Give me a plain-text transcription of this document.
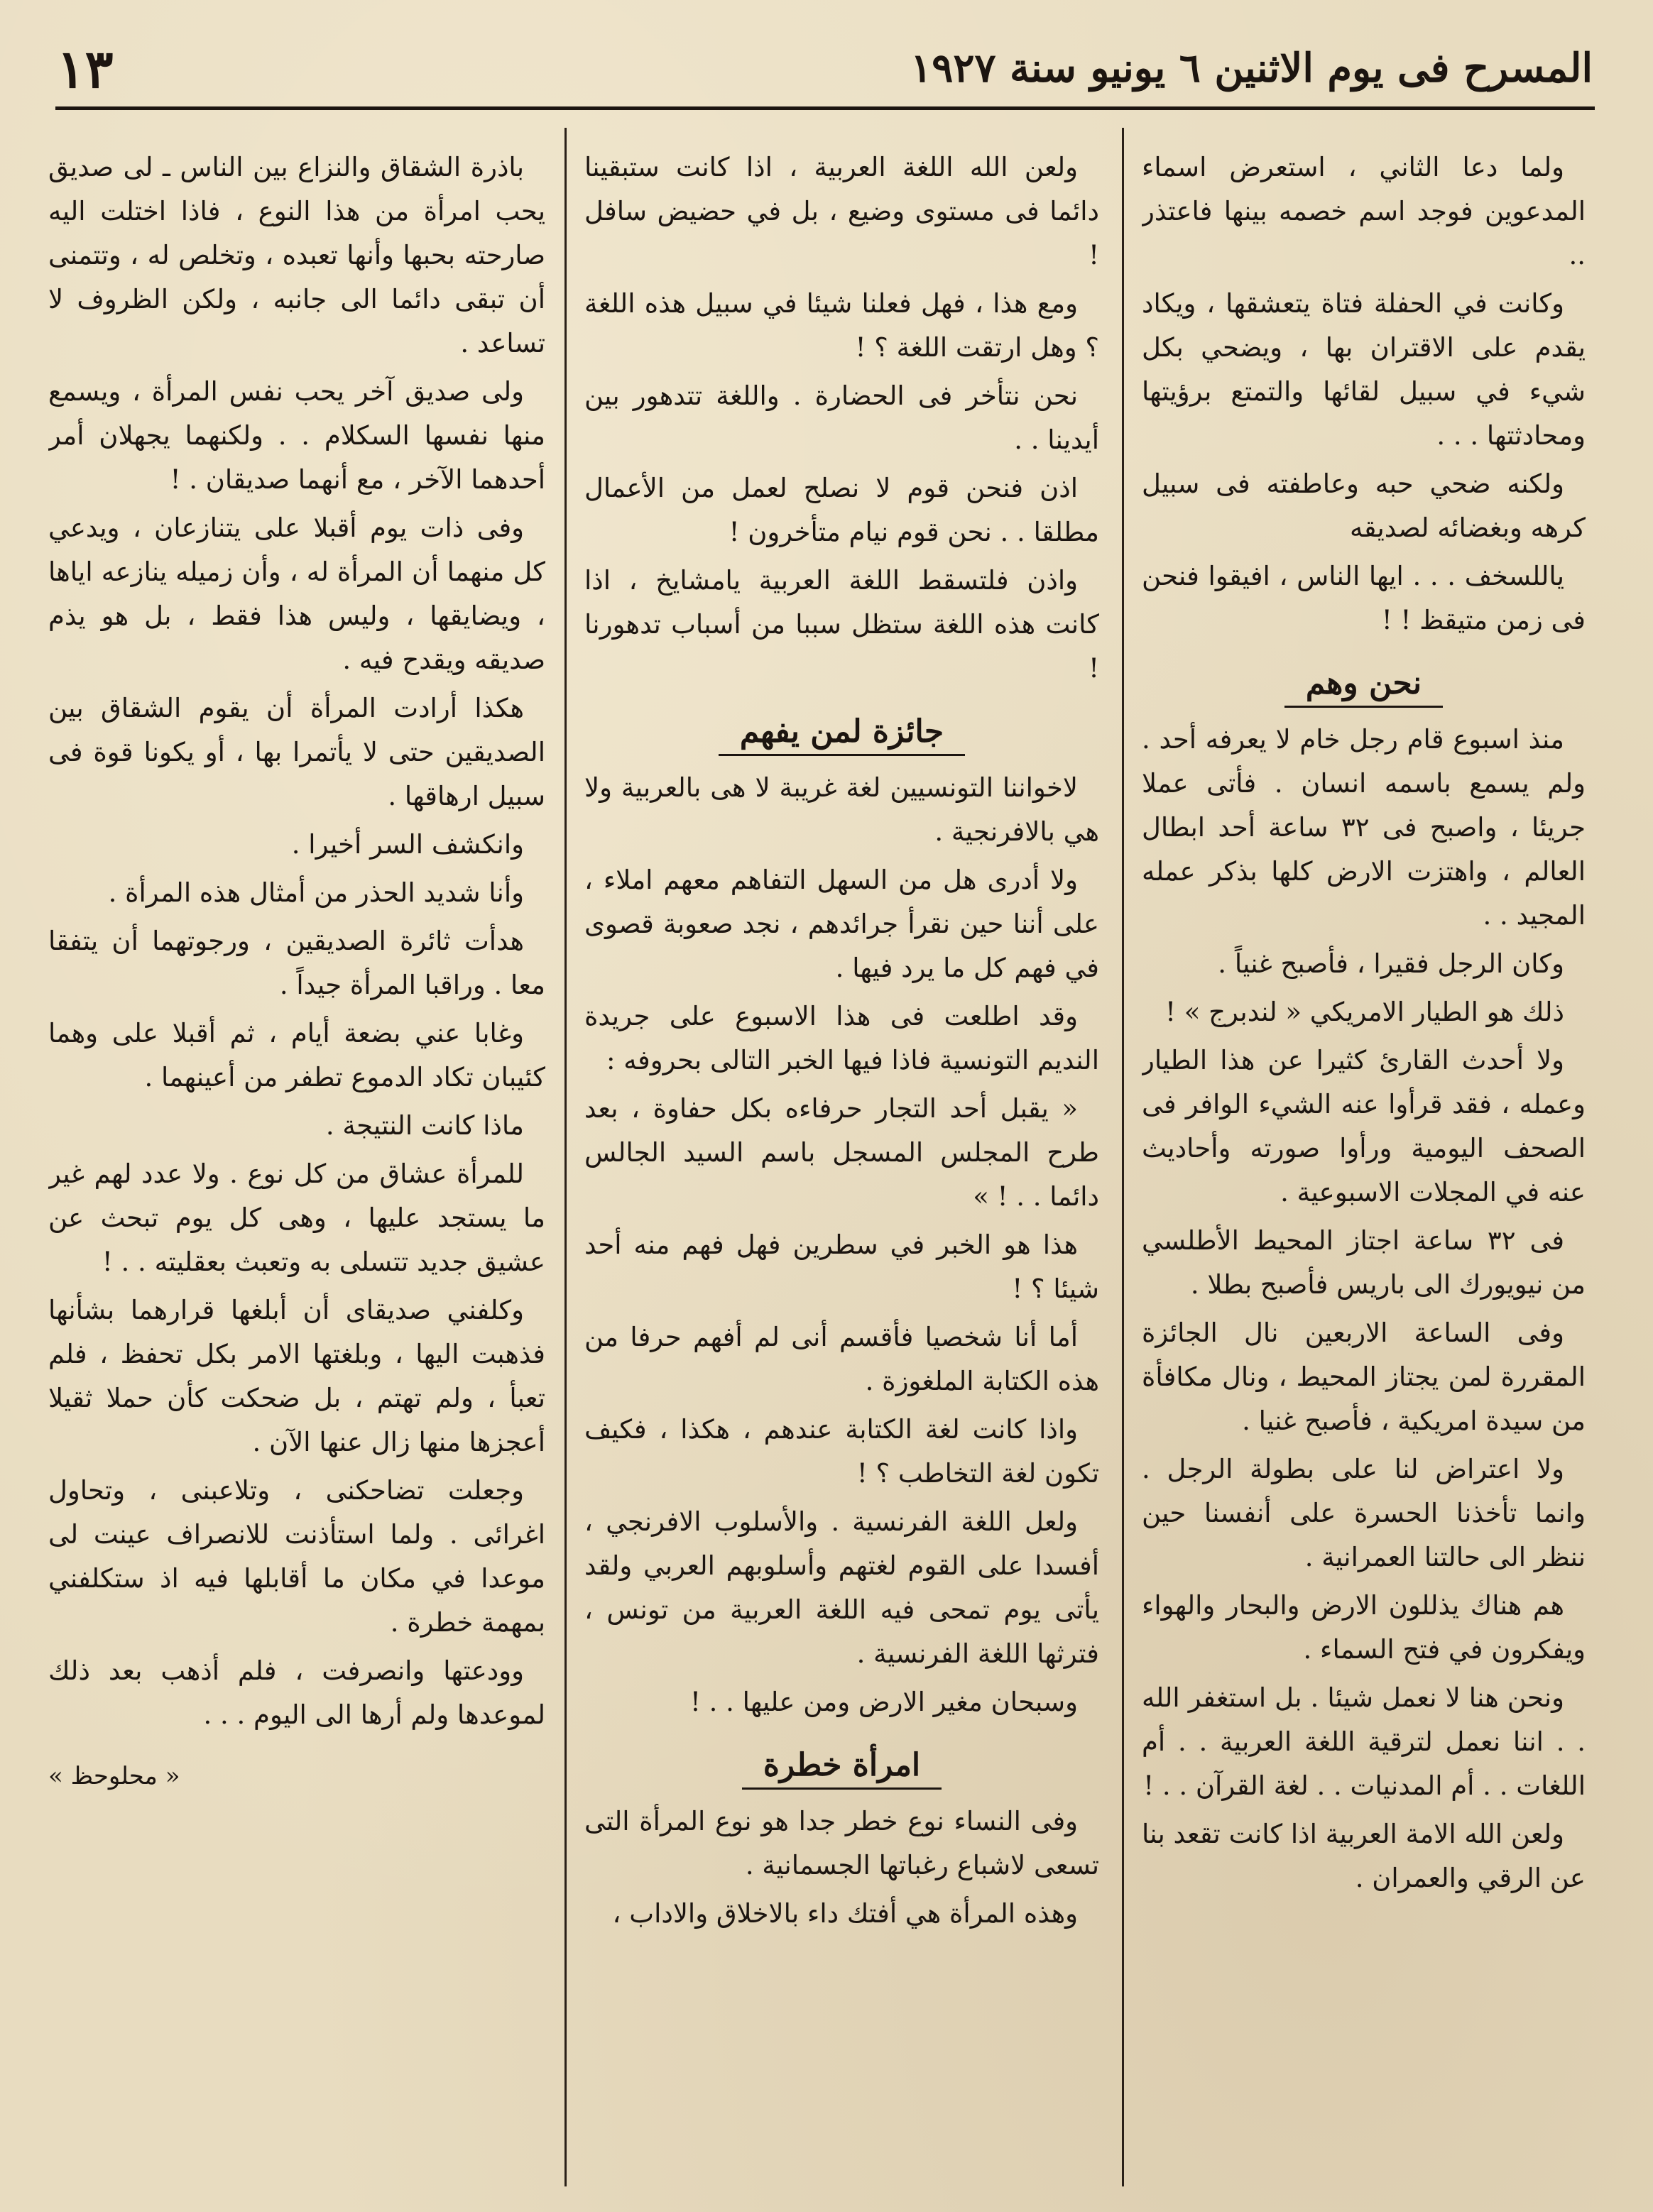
١٣	المسرح فى يوم الاثنين ٦ يونيو سنة ١٩٢٧

ولما دعا الثاني ، استعرض اسماء المدعوين فوجد اسم خصمه بينها فاعتذر ..

وكانت في الحفلة فتاة يتعشقها ، ويكاد يقدم على الاقتران بها ، ويضحي بكل شيء في سبيل لقائها والتمتع برؤيتها ومحادثتها . . .

ولكنه ضحي حبه وعاطفته فى سبيل كرهه وبغضائه لصديقه

ياللسخف . . . ايها الناس ، افيقوا فنحن فى زمن متيقظ ! !

نحن وهم

منذ اسبوع قام رجل خام لا يعرفه أحد . ولم يسمع باسمه انسان . فأتى عملا جريئا ، واصبح فى ٣٢ ساعة أحد ابطال العالم ، واهتزت الارض كلها بذكر عمله المجيد . .

وكان الرجل فقيرا ، فأصبح غنياً .

ذلك هو الطيار الامريكي « لندبرج » !

ولا أحدث القارئ كثيرا عن هذا الطيار وعمله ، فقد قرأوا عنه الشيء الوافر فى الصحف اليومية ورأوا صورته وأحاديث عنه في المجلات الاسبوعية .

فى ٣٢ ساعة اجتاز المحيط الأطلسي من نيويورك الى باريس فأصبح بطلا .

وفى الساعة الاربعين نال الجائزة المقررة لمن يجتاز المحيط ، ونال مكافأة من سيدة امريكية ، فأصبح غنيا .

ولا اعتراض لنا على بطولة الرجل . وانما تأخذنا الحسرة على أنفسنا حين ننظر الى حالتنا العمرانية .

هم هناك يذللون الارض والبحار والهواء ويفكرون في فتح السماء .

ونحن هنا لا نعمل شيئا . بل استغفر الله . . اننا نعمل لترقية اللغة العربية . . أم اللغات . . أم المدنيات . . لغة القرآن . . !

ولعن الله الامة العربية اذا كانت تقعد بنا عن الرقي والعمران .

ولعن الله اللغة العربية ، اذا كانت ستبقينا دائما فى مستوى وضيع ، بل في حضيض سافل !

ومع هذا ، فهل فعلنا شيئا في سبيل هذه اللغة ؟ وهل ارتقت اللغة ؟ !

نحن نتأخر فى الحضارة . واللغة تتدهور بين أيدينا . .

اذن فنحن قوم لا نصلح لعمل من الأعمال مطلقا . . نحن قوم نيام متأخرون !

واذن فلتسقط اللغة العربية يامشايخ ، اذا كانت هذه اللغة ستظل سببا من أسباب تدهورنا !

جائزة لمن يفهم

لاخواننا التونسيين لغة غريبة لا هى بالعربية ولا هي بالافرنجية .

ولا أدرى هل من السهل التفاهم معهم املاء ، على أننا حين نقرأ جرائدهم ، نجد صعوبة قصوى في فهم كل ما يرد فيها .

وقد اطلعت فى هذا الاسبوع على جريدة النديم التونسية فاذا فيها الخبر التالى بحروفه :

« يقبل أحد التجار حرفاءه بكل حفاوة ، بعد طرح المجلس المسجل باسم السيد الجالس دائما . . ! »

هذا هو الخبر في سطرين فهل فهم منه أحد شيئا ؟ !

أما أنا شخصيا فأقسم أنى لم أفهم حرفا من هذه الكتابة الملغوزة .

واذا كانت لغة الكتابة عندهم ، هكذا ، فكيف تكون لغة التخاطب ؟ !

ولعل اللغة الفرنسية . والأسلوب الافرنجي ، أفسدا على القوم لغتهم وأسلوبهم العربي ولقد يأتى يوم تمحى فيه اللغة العربية من تونس ، فترثها اللغة الفرنسية .

وسبحان مغير الارض ومن عليها . . !

امرأة خطرة

وفى النساء نوع خطر جدا هو نوع المرأة التى تسعى لاشباع رغباتها الجسمانية .

وهذه المرأة هي أفتك داء بالاخلاق والاداب ،

باذرة الشقاق والنزاع بين الناس ـ لى صديق يحب امرأة من هذا النوع ، فاذا اختلت اليه صارحته بحبها وأنها تعبده ، وتخلص له ، وتتمنى أن تبقى دائما الى جانبه ، ولكن الظروف لا تساعد .

ولى صديق آخر يحب نفس المرأة ، ويسمع منها نفسها السكلام . . ولكنهما يجهلان أمر أحدهما الآخر ، مع أنهما صديقان . !

وفى ذات يوم أقبلا على يتنازعان ، ويدعي كل منهما أن المرأة له ، وأن زميله ينازعه اياها ، ويضايقها ، وليس هذا فقط ، بل هو يذم صديقه ويقدح فيه .

هكذا أرادت المرأة أن يقوم الشقاق بين الصديقين حتى لا يأتمرا بها ، أو يكونا قوة فى سبيل ارهاقها .

وانكشف السر أخيرا .

وأنا شديد الحذر من أمثال هذه المرأة .

هدأت ثائرة الصديقين ، ورجوتهما أن يتفقا معا . وراقبا المرأة جيداً .

وغابا عني بضعة أيام ، ثم أقبلا على وهما كئيبان تكاد الدموع تطفر من أعينهما .

ماذا كانت النتيجة .

للمرأة عشاق من كل نوع . ولا عدد لهم غير ما يستجد عليها ، وهى كل يوم تبحث عن عشيق جديد تتسلى به وتعبث بعقليته . . !

وكلفني صديقاى أن أبلغها قرارهما بشأنها فذهبت اليها ، وبلغتها الامر بكل تحفظ ، فلم تعبأ ، ولم تهتم ، بل ضحكت كأن حملا ثقيلا أعجزها منها زال عنها الآن .

وجعلت تضاحكنى ، وتلاعبنى ، وتحاول اغرائى . ولما استأذنت للانصراف عينت لى موعدا في مكان ما أقابلها فيه اذ ستكلفني بمهمة خطرة .

وودعتها وانصرفت ، فلم أذهب بعد ذلك لموعدها ولم أرها الى اليوم . . .

« محلوحظ »
